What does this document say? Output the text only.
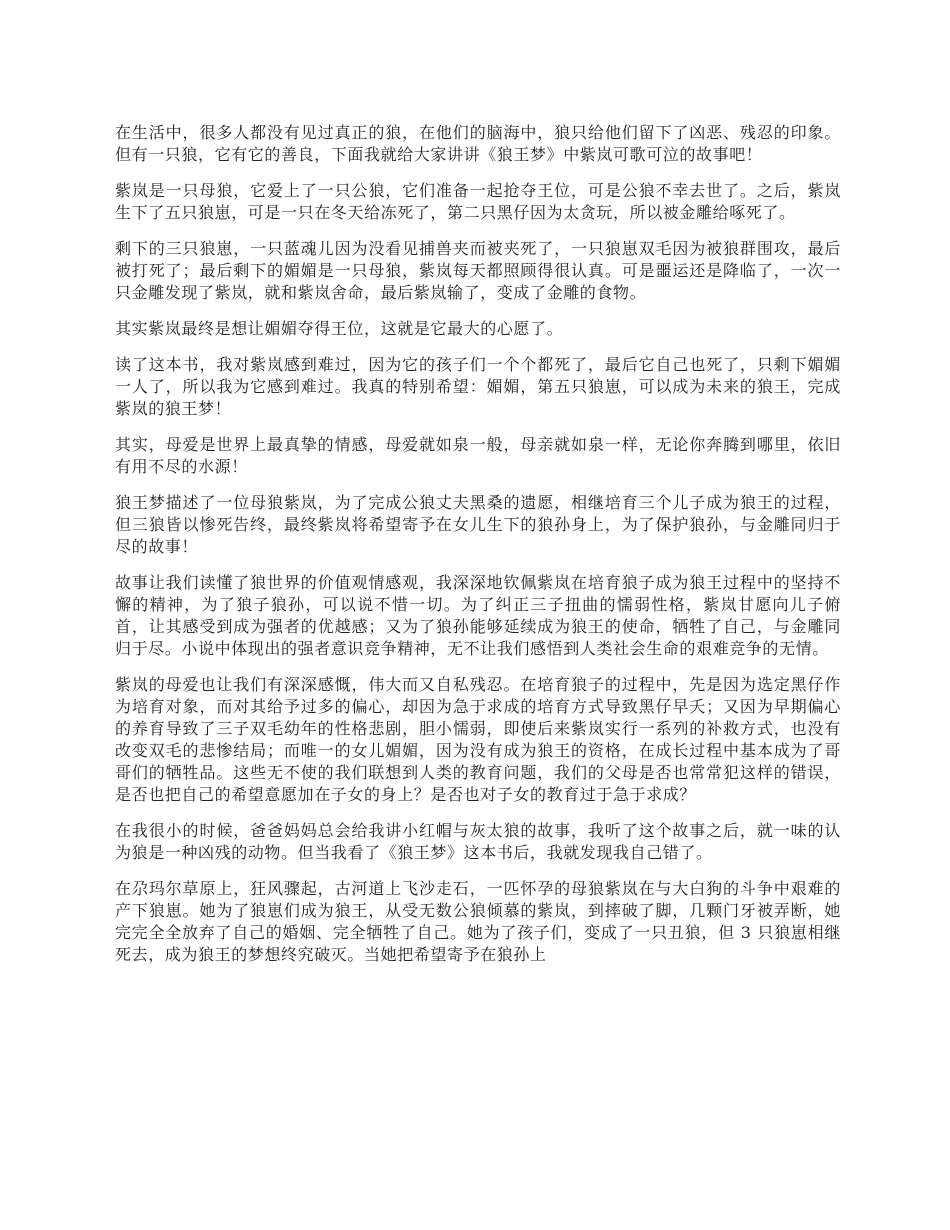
在生活中，很多人都没有见过真正的狼，在他们的脑海中，狼只给他们留下了凶恶、残忍的印象。但有一只狼，它有它的善良，下面我就给大家讲讲《狼王梦》中紫岚可歌可泣的故事吧！

紫岚是一只母狼，它爱上了一只公狼，它们准备一起抢夺王位，可是公狼不幸去世了。之后，紫岚生下了五只狼崽，可是一只在冬天给冻死了，第二只黑仔因为太贪玩，所以被金雕给啄死了。

剩下的三只狼崽，一只蓝魂儿因为没看见捕兽夹而被夹死了，一只狼崽双毛因为被狼群围攻，最后被打死了；最后剩下的媚媚是一只母狼，紫岚每天都照顾得很认真。可是噩运还是降临了，一次一只金雕发现了紫岚，就和紫岚舍命，最后紫岚输了，变成了金雕的食物。

其实紫岚最终是想让媚媚夺得王位，这就是它最大的心愿了。

读了这本书，我对紫岚感到难过，因为它的孩子们一个个都死了，最后它自己也死了，只剩下媚媚一人了，所以我为它感到难过。我真的特别希望：媚媚，第五只狼崽，可以成为未来的狼王，完成紫岚的狼王梦！

其实，母爱是世界上最真挚的情感，母爱就如泉一般，母亲就如泉一样，无论你奔腾到哪里，依旧有用不尽的水源！

狼王梦描述了一位母狼紫岚，为了完成公狼丈夫黑桑的遗愿，相继培育三个儿子成为狼王的过程，但三狼皆以惨死告终，最终紫岚将希望寄予在女儿生下的狼孙身上，为了保护狼孙，与金雕同归于尽的故事！

故事让我们读懂了狼世界的价值观情感观，我深深地钦佩紫岚在培育狼子成为狼王过程中的坚持不懈的精神，为了狼子狼孙，可以说不惜一切。为了纠正三子扭曲的懦弱性格，紫岚甘愿向儿子俯首，让其感受到成为强者的优越感；又为了狼孙能够延续成为狼王的使命，牺牲了自己，与金雕同归于尽。小说中体现出的强者意识竞争精神，无不让我们感悟到人类社会生命的艰难竞争的无情。

紫岚的母爱也让我们有深深感慨，伟大而又自私残忍。在培育狼子的过程中，先是因为选定黑仔作为培育对象，而对其给予过多的偏心，却因为急于求成的培育方式导致黑仔早夭；又因为早期偏心的养育导致了三子双毛幼年的性格悲剧，胆小懦弱，即使后来紫岚实行一系列的补救方式，也没有改变双毛的悲惨结局；而唯一的女儿媚媚，因为没有成为狼王的资格，在成长过程中基本成为了哥哥们的牺牲品。这些无不使的我们联想到人类的教育问题，我们的父母是否也常常犯这样的错误，是否也把自己的希望意愿加在子女的身上？是否也对子女的教育过于急于求成？

在我很小的时候，爸爸妈妈总会给我讲小红帽与灰太狼的故事，我听了这个故事之后，就一味的认为狼是一种凶残的动物。但当我看了《狼王梦》这本书后，我就发现我自己错了。

在尕玛尔草原上，狂风骤起，古河道上飞沙走石，一匹怀孕的母狼紫岚在与大白狗的斗争中艰难的产下狼崽。她为了狼崽们成为狼王，从受无数公狼倾慕的紫岚，到摔破了脚，几颗门牙被弄断，她完完全全放弃了自己的婚姻、完全牺牲了自己。她为了孩子们，变成了一只丑狼，但 3 只狼崽相继死去，成为狼王的梦想终究破灭。当她把希望寄予在狼孙上
